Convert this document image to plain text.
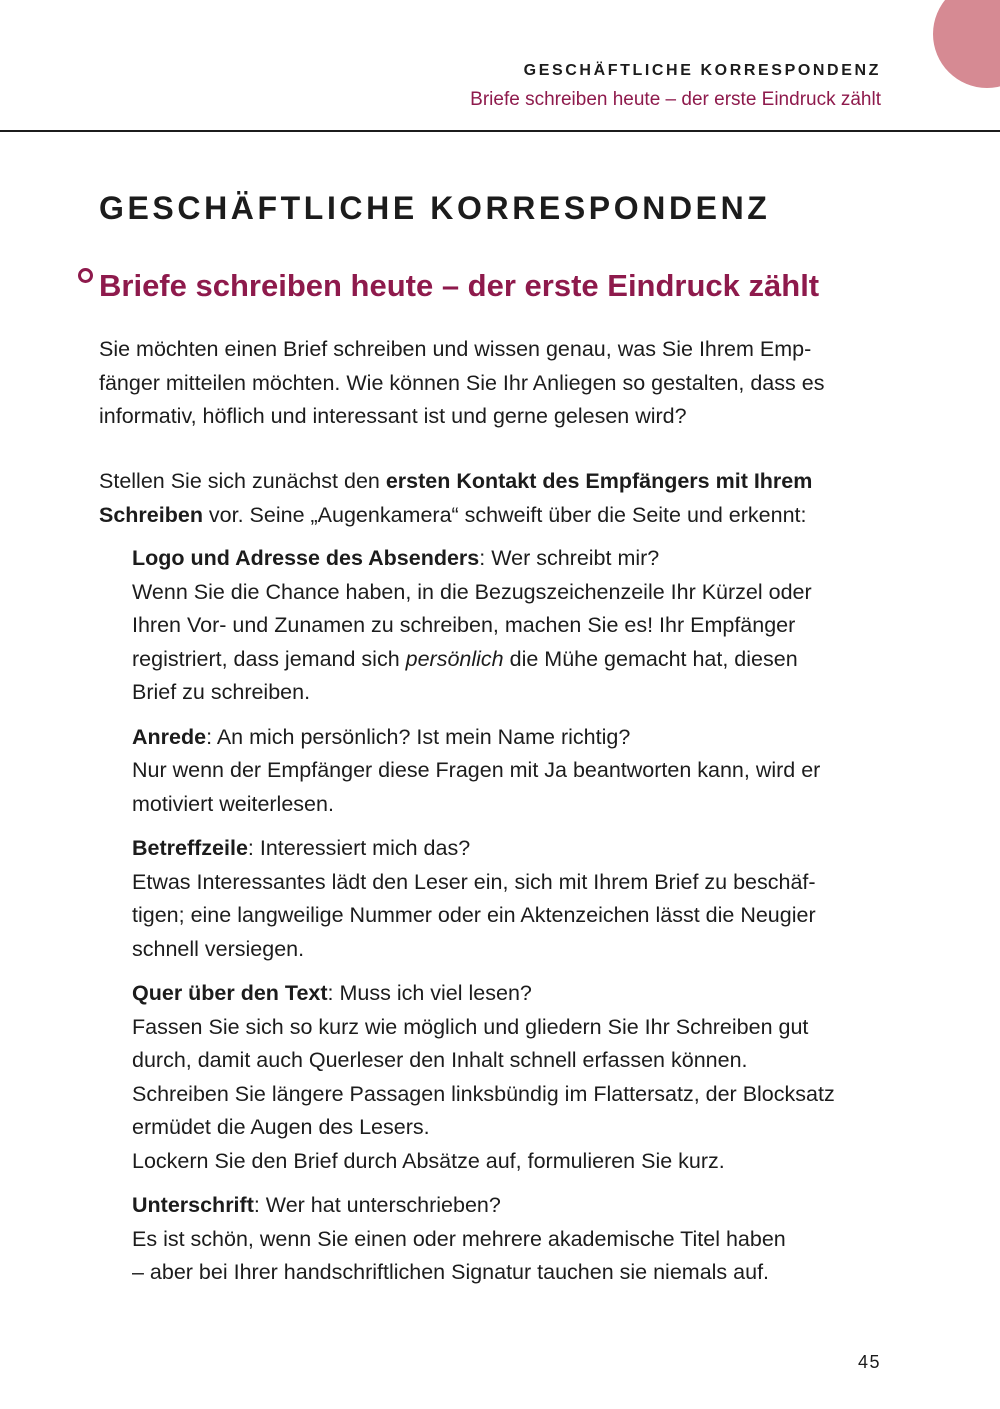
GESCHÄFTLICHE KORRESPONDENZ
Briefe schreiben heute – der erste Eindruck zählt
GESCHÄFTLICHE KORRESPONDENZ
Briefe schreiben heute – der erste Eindruck zählt
Sie möchten einen Brief schreiben und wissen genau, was Sie Ihrem Emp-
fänger mitteilen möchten. Wie können Sie Ihr Anliegen so gestalten, dass es
informativ, höflich und interessant ist und gerne gelesen wird?
Stellen Sie sich zunächst den ersten Kontakt des Empfängers mit Ihrem
Schreiben vor. Seine „Augenkamera“ schweift über die Seite und erkennt:
Logo und Adresse des Absenders: Wer schreibt mir?
Wenn Sie die Chance haben, in die Bezugszeichenzeile Ihr Kürzel oder
Ihren Vor- und Zunamen zu schreiben, machen Sie es! Ihr Empfänger
registriert, dass jemand sich persönlich die Mühe gemacht hat, diesen
Brief zu schreiben.
Anrede: An mich persönlich? Ist mein Name richtig?
Nur wenn der Empfänger diese Fragen mit Ja beantworten kann, wird er
motiviert weiterlesen.
Betreffzeile: Interessiert mich das?
Etwas Interessantes lädt den Leser ein, sich mit Ihrem Brief zu beschäf-
tigen; eine langweilige Nummer oder ein Aktenzeichen lässt die Neugier
schnell versiegen.
Quer über den Text: Muss ich viel lesen?
Fassen Sie sich so kurz wie möglich und gliedern Sie Ihr Schreiben gut
durch, damit auch Querleser den Inhalt schnell erfassen können.
Schreiben Sie längere Passagen linksbündig im Flattersatz, der Blocksatz
ermüdet die Augen des Lesers.
Lockern Sie den Brief durch Absätze auf, formulieren Sie kurz.
Unterschrift: Wer hat unterschrieben?
Es ist schön, wenn Sie einen oder mehrere akademische Titel haben
– aber bei Ihrer handschriftlichen Signatur tauchen sie niemals auf.
45
